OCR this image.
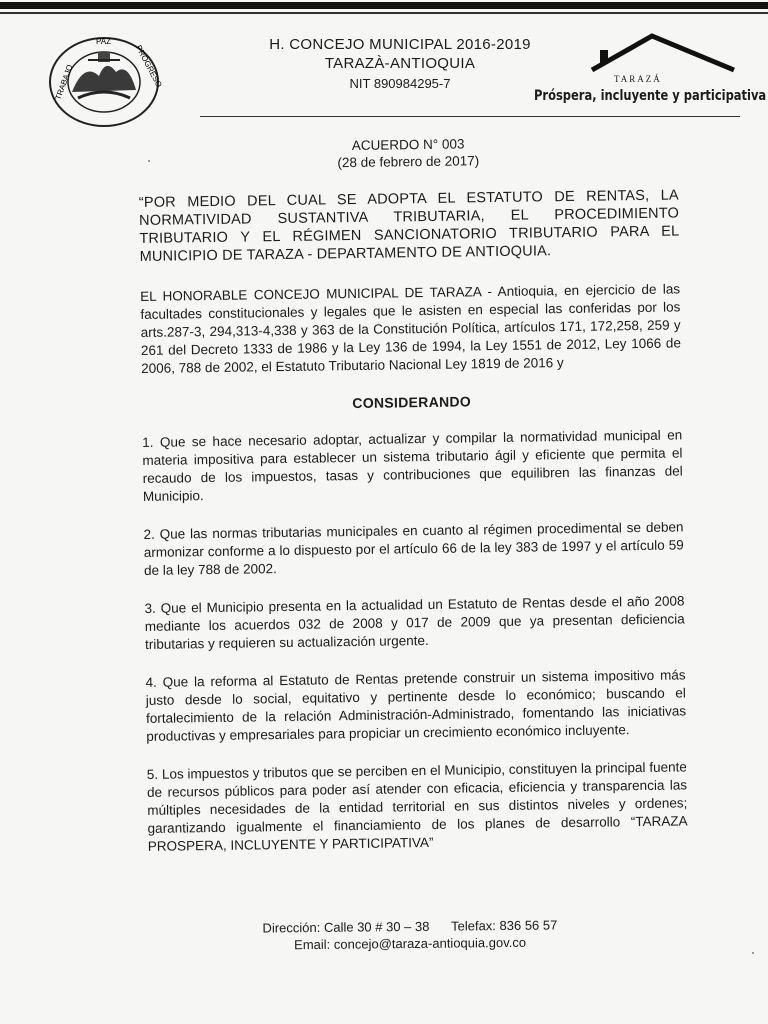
TRABAJO
PAZ
PROGRESO	H. CONCEJO MUNICIPAL 2016-2019
TARAZÀ-ANTIOQUIA
NIT 890984295-7	TARAZÁ
Próspera, incluyente y participativa
ACUERDO N° 003
(28 de febrero de 2017)
“POR MEDIO DEL CUAL SE ADOPTA EL ESTATUTO DE RENTAS, LA NORMATIVIDAD SUSTANTIVA TRIBUTARIA, EL PROCEDIMIENTO TRIBUTARIO Y EL RÉGIMEN SANCIONATORIO TRIBUTARIO PARA EL MUNICIPIO DE TARAZA - DEPARTAMENTO DE ANTIOQUIA.
EL HONORABLE CONCEJO MUNICIPAL DE TARAZA - Antioquia, en ejercicio de las facultades constitucionales y legales que le asisten en especial las conferidas por los arts.287-3, 294,313-4,338 y 363 de la Constitución Política, artículos 171, 172,258, 259 y 261 del Decreto 1333 de 1986 y la Ley 136 de 1994, la Ley 1551 de 2012, Ley 1066 de 2006, 788 de 2002, el Estatuto Tributario Nacional Ley 1819 de 2016 y
CONSIDERANDO
1. Que se hace necesario adoptar, actualizar y compilar la normatividad municipal en materia impositiva para establecer un sistema tributario ágil y eficiente que permita el recaudo de los impuestos, tasas y contribuciones que equilibren las finanzas del Municipio.
2. Que las normas tributarias municipales en cuanto al régimen procedimental se deben armonizar conforme a lo dispuesto por el artículo 66 de la ley 383 de 1997 y el artículo 59 de la ley 788 de 2002.
3. Que el Municipio presenta en la actualidad un Estatuto de Rentas desde el año 2008 mediante los acuerdos 032 de 2008 y 017 de 2009 que ya presentan deficiencia tributarias y requieren su actualización urgente.
4. Que la reforma al Estatuto de Rentas pretende construir un sistema impositivo más justo desde lo social, equitativo y pertinente desde lo económico; buscando el fortalecimiento de la relación Administración-Administrado, fomentando las iniciativas productivas y empresariales para propiciar un crecimiento económico incluyente.
5. Los impuestos y tributos que se perciben en el Municipio, constituyen la principal fuente de recursos públicos para poder así atender con eficacia, eficiencia y transparencia las múltiples necesidades de la entidad territorial en sus distintos niveles y ordenes; garantizando igualmente el financiamiento de los planes de desarrollo “TARAZA PROSPERA, INCLUYENTE Y PARTICIPATIVA”
Dirección: Calle 30 # 30 – 38 Telefax: 836 56 57
Email: concejo@taraza-antioquia.gov.co
